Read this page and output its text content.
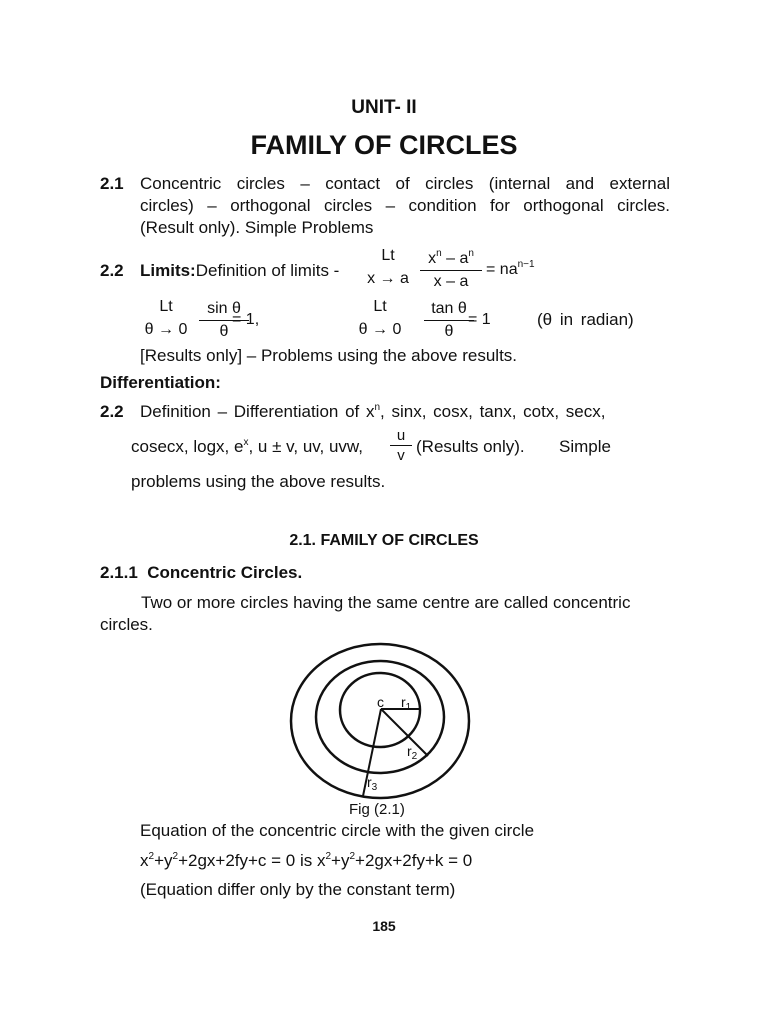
UNIT- II
FAMILY OF CIRCLES
2.1 Concentric circles – contact of circles (internal and external
circles) – orthogonal circles – condition for orthogonal circles.
(Result only). Simple Problems
2.2 Limits:Definition of limits -
Lt
x → a $\frac{x^n - a^n}{x - a} = na^{n-1}$
Lt
$\theta \to 0 \frac{\text{sin θ}}{\theta}$
= 1,
Lt
θ → 0	$\frac{\text{tan θ}}{\theta}$
= 1	(θ in radian)
[Results only] – Problems using the above results.
Differentiation:
2.2 Definition – Differentiation of $x^n$, sinx, cosx, tanx, cotx, secx,
cosecx, logx, $e^x$, u ± v, uv, uvw, $\frac{u}{v}$ (Results only). Simple
problems using the above results.
2.1. FAMILY OF CIRCLES
2.1.1 Concentric Circles.
Two or more circles having the same centre are called concentric
circles.
c $r_1$
$r_2$
$r_3$
Fig (2.1)
Equation of the concentric circle with the given circle
$x^2+y^2+2gx+2fy+c = 0$ is $x^2+y^2+2gx+2fy+k = 0$
(Equation differ only by the constant term)
185
